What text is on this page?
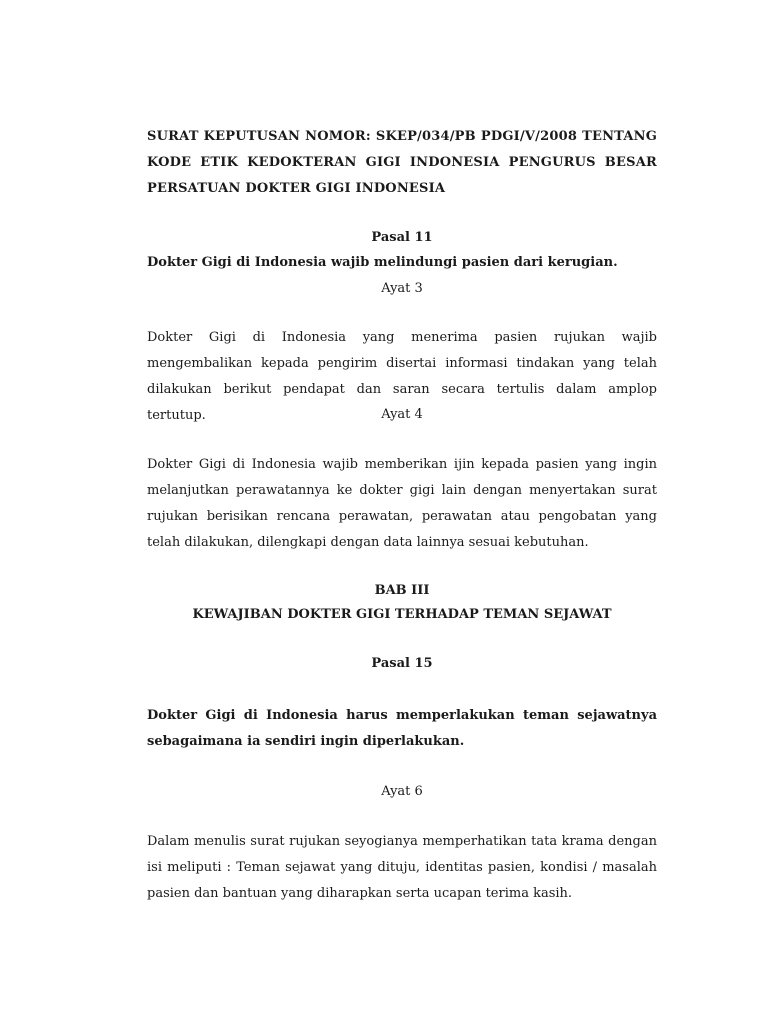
SURAT KEPUTUSAN NOMOR: SKEP/034/PB PDGI/V/2008 TENTANG KODE ETIK KEDOKTERAN GIGI INDONESIA PENGURUS BESAR PERSATUAN DOKTER GIGI INDONESIA
Pasal 11
Dokter Gigi di Indonesia wajib melindungi pasien dari kerugian.
Ayat 3
Dokter Gigi di Indonesia yang menerima pasien rujukan wajib mengembalikan kepada pengirim disertai informasi tindakan yang telah dilakukan berikut pendapat dan saran secara tertulis dalam amplop tertutup.	Ayat 4
Dokter Gigi di Indonesia wajib memberikan ijin kepada pasien yang ingin melanjutkan perawatannya ke dokter gigi lain dengan menyertakan surat rujukan berisikan rencana perawatan, perawatan atau pengobatan yang telah dilakukan, dilengkapi dengan data lainnya sesuai kebutuhan.
BAB III
KEWAJIBAN DOKTER GIGI TERHADAP TEMAN SEJAWAT
Pasal 15
Dokter Gigi di Indonesia harus memperlakukan teman sejawatnya sebagaimana ia sendiri ingin diperlakukan.
Ayat 6
Dalam menulis surat rujukan seyogianya memperhatikan tata krama dengan isi meliputi : Teman sejawat yang dituju, identitas pasien, kondisi / masalah pasien dan bantuan yang diharapkan serta ucapan terima kasih.
